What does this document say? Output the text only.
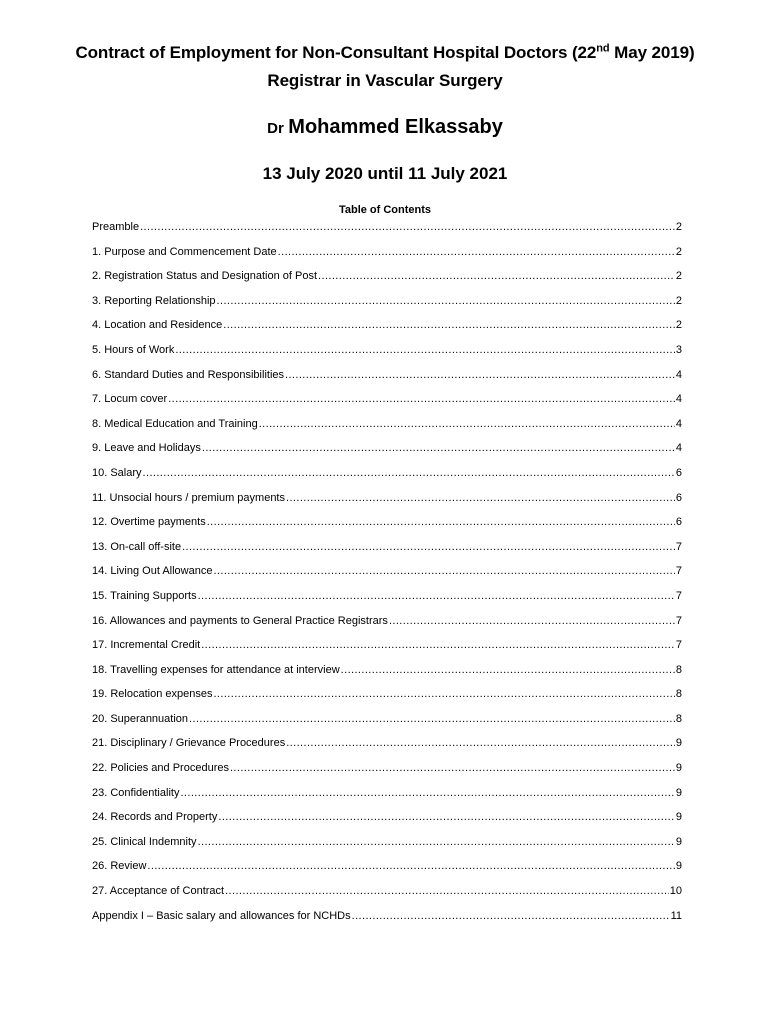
Contract of Employment for Non-Consultant Hospital Doctors (22nd May 2019)
Registrar in Vascular Surgery
Dr Mohammed Elkassaby
13 July 2020 until 11 July 2021
Table of Contents
Preamble .....	2
1. Purpose and Commencement Date .....	2
2. Registration Status and Designation of Post .....	2
3. Reporting Relationship .....	2
4. Location and Residence .....	2
5. Hours of Work .....	3
6. Standard Duties and Responsibilities .....	4
7. Locum cover .....	4
8. Medical Education and Training .....	4
9. Leave and Holidays .....	4
10. Salary .....	6
11. Unsocial hours / premium payments .....	6
12. Overtime payments .....	6
13. On-call off-site .....	7
14. Living Out Allowance .....	7
15. Training Supports .....	7
16. Allowances and payments to General Practice Registrars .....	7
17. Incremental Credit .....	7
18. Travelling expenses for attendance at interview .....	8
19. Relocation expenses .....	8
20. Superannuation .....	8
21. Disciplinary / Grievance Procedures .....	9
22. Policies and Procedures .....	9
23. Confidentiality .....	9
24. Records and Property .....	9
25. Clinical Indemnity .....	9
26. Review .....	9
27. Acceptance of Contract .....	10
Appendix I – Basic salary and allowances for NCHDs .....	11
